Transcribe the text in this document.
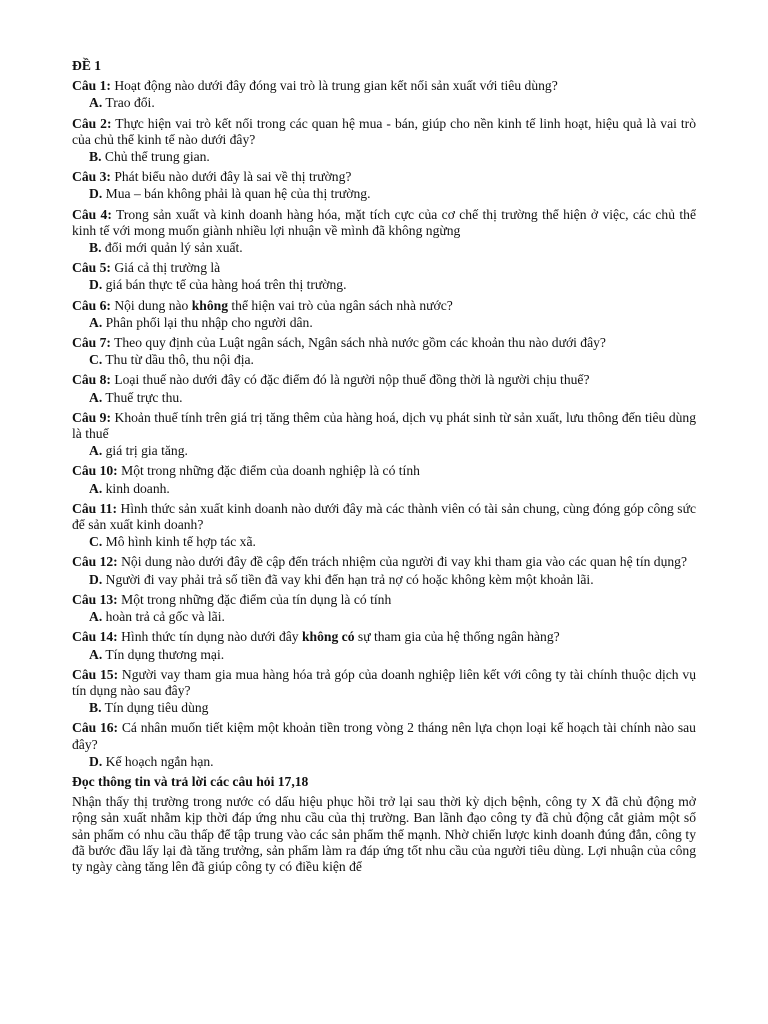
ĐỀ 1
Câu 1: Hoạt động nào dưới đây đóng vai trò là trung gian kết nối sản xuất với tiêu dùng?
A. Trao đổi.
Câu 2: Thực hiện vai trò kết nối trong các quan hệ mua - bán, giúp cho nền kinh tế linh hoạt, hiệu quả là vai trò của chủ thể kinh tế nào dưới đây?
B. Chủ thể trung gian.
Câu 3: Phát biểu nào dưới đây là sai về thị trường?
D. Mua – bán không phải là quan hệ của thị trường.
Câu 4: Trong sản xuất và kinh doanh hàng hóa, mặt tích cực của cơ chế thị trường thể hiện ở việc, các chủ thể kinh tế với mong muốn giành nhiều lợi nhuận về mình đã không ngừng
B. đổi mới quản lý sản xuất.
Câu 5: Giá cả thị trường là
D. giá bán thực tế của hàng hoá trên thị trường.
Câu 6: Nội dung nào không thể hiện vai trò của ngân sách nhà nước?
A. Phân phối lại thu nhập cho người dân.
Câu 7: Theo quy định của Luật ngân sách, Ngân sách nhà nước gồm các khoản thu nào dưới đây?
C. Thu từ dầu thô, thu nội địa.
Câu 8: Loại thuế nào dưới đây có đặc điểm đó là người nộp thuế đồng thời là người chịu thuế?
A. Thuế trực thu.
Câu 9: Khoản thuế tính trên giá trị tăng thêm của hàng hoá, dịch vụ phát sinh từ sản xuất, lưu thông đến tiêu dùng là thuế
A. giá trị gia tăng.
Câu 10: Một trong những đặc điểm của doanh nghiệp là có tính
A. kinh doanh.
Câu 11: Hình thức sản xuất kinh doanh nào dưới đây mà các thành viên có tài sản chung, cùng đóng góp công sức để sản xuất kinh doanh?
C. Mô hình kinh tế hợp tác xã.
Câu 12: Nội dung nào dưới đây đề cập đến trách nhiệm của người đi vay khi tham gia vào các quan hệ tín dụng?
D. Người đi vay phải trả số tiền đã vay khi đến hạn trả nợ có hoặc không kèm một khoản lãi.
Câu 13: Một trong những đặc điểm của tín dụng là có tính
A. hoàn trả cả gốc và lãi.
Câu 14: Hình thức tín dụng nào dưới đây không có sự tham gia của hệ thống ngân hàng?
A. Tín dụng thương mại.
Câu 15: Người vay tham gia mua hàng hóa trả góp của doanh nghiệp liên kết với công ty tài chính thuộc dịch vụ tín dụng nào sau đây?
B. Tín dụng tiêu dùng
Câu 16: Cá nhân muốn tiết kiệm một khoản tiền trong vòng 2 tháng nên lựa chọn loại kế hoạch tài chính nào sau đây?
D. Kế hoạch ngắn hạn.
Đọc thông tin và trả lời các câu hỏi 17,18
Nhận thấy thị trường trong nước có dấu hiệu phục hồi trở lại sau thời kỳ dịch bệnh, công ty X đã chủ động mở rộng sản xuất nhằm kịp thời đáp ứng nhu cầu của thị trường. Ban lãnh đạo công ty đã chủ động cắt giảm một số sản phẩm có nhu cầu thấp để tập trung vào các sản phẩm thế mạnh. Nhờ chiến lược kinh doanh đúng đắn, công ty đã bước đầu lấy lại đà tăng trưởng, sản phẩm làm ra đáp ứng tốt nhu cầu của người tiêu dùng. Lợi nhuận của công ty ngày càng tăng lên đã giúp công ty có điều kiện để
